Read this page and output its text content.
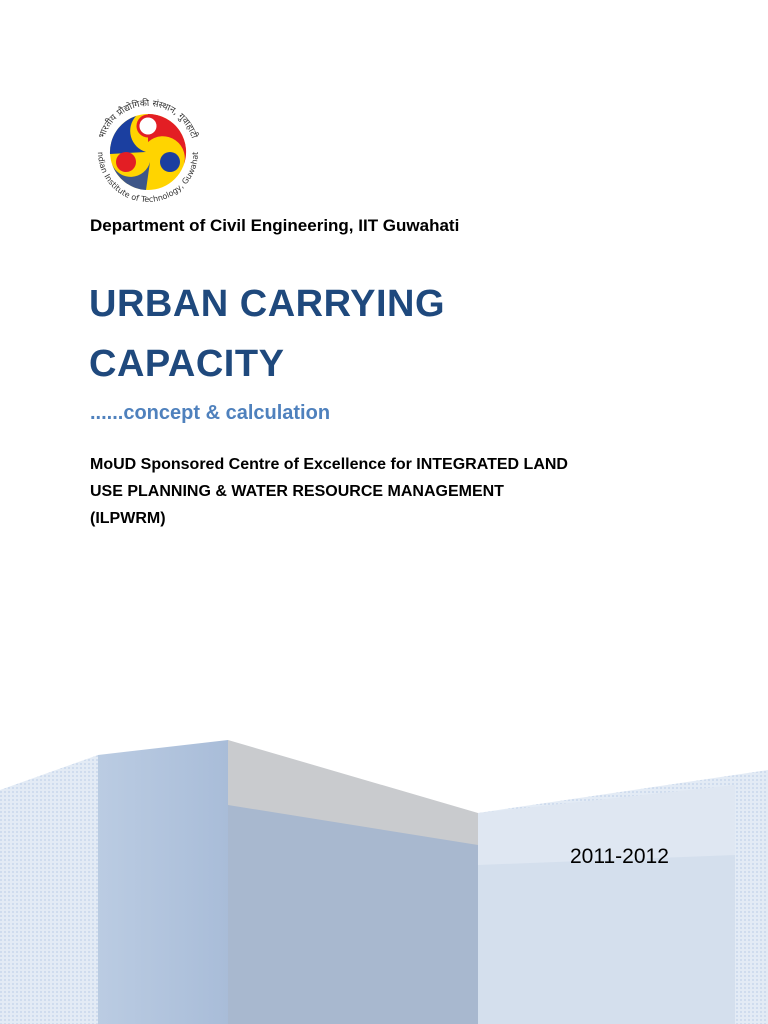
भारतीय प्रौद्योगिकी संस्थान, गुवाहाटी
ndian Institute of Technology, Guwahat
Department of Civil Engineering, IIT Guwahati
URBAN CARRYING
CAPACITY
......concept & calculation
MoUD Sponsored Centre of Excellence for INTEGRATED LAND
USE PLANNING & WATER RESOURCE MANAGEMENT
(ILPWRM)
2011-2012
